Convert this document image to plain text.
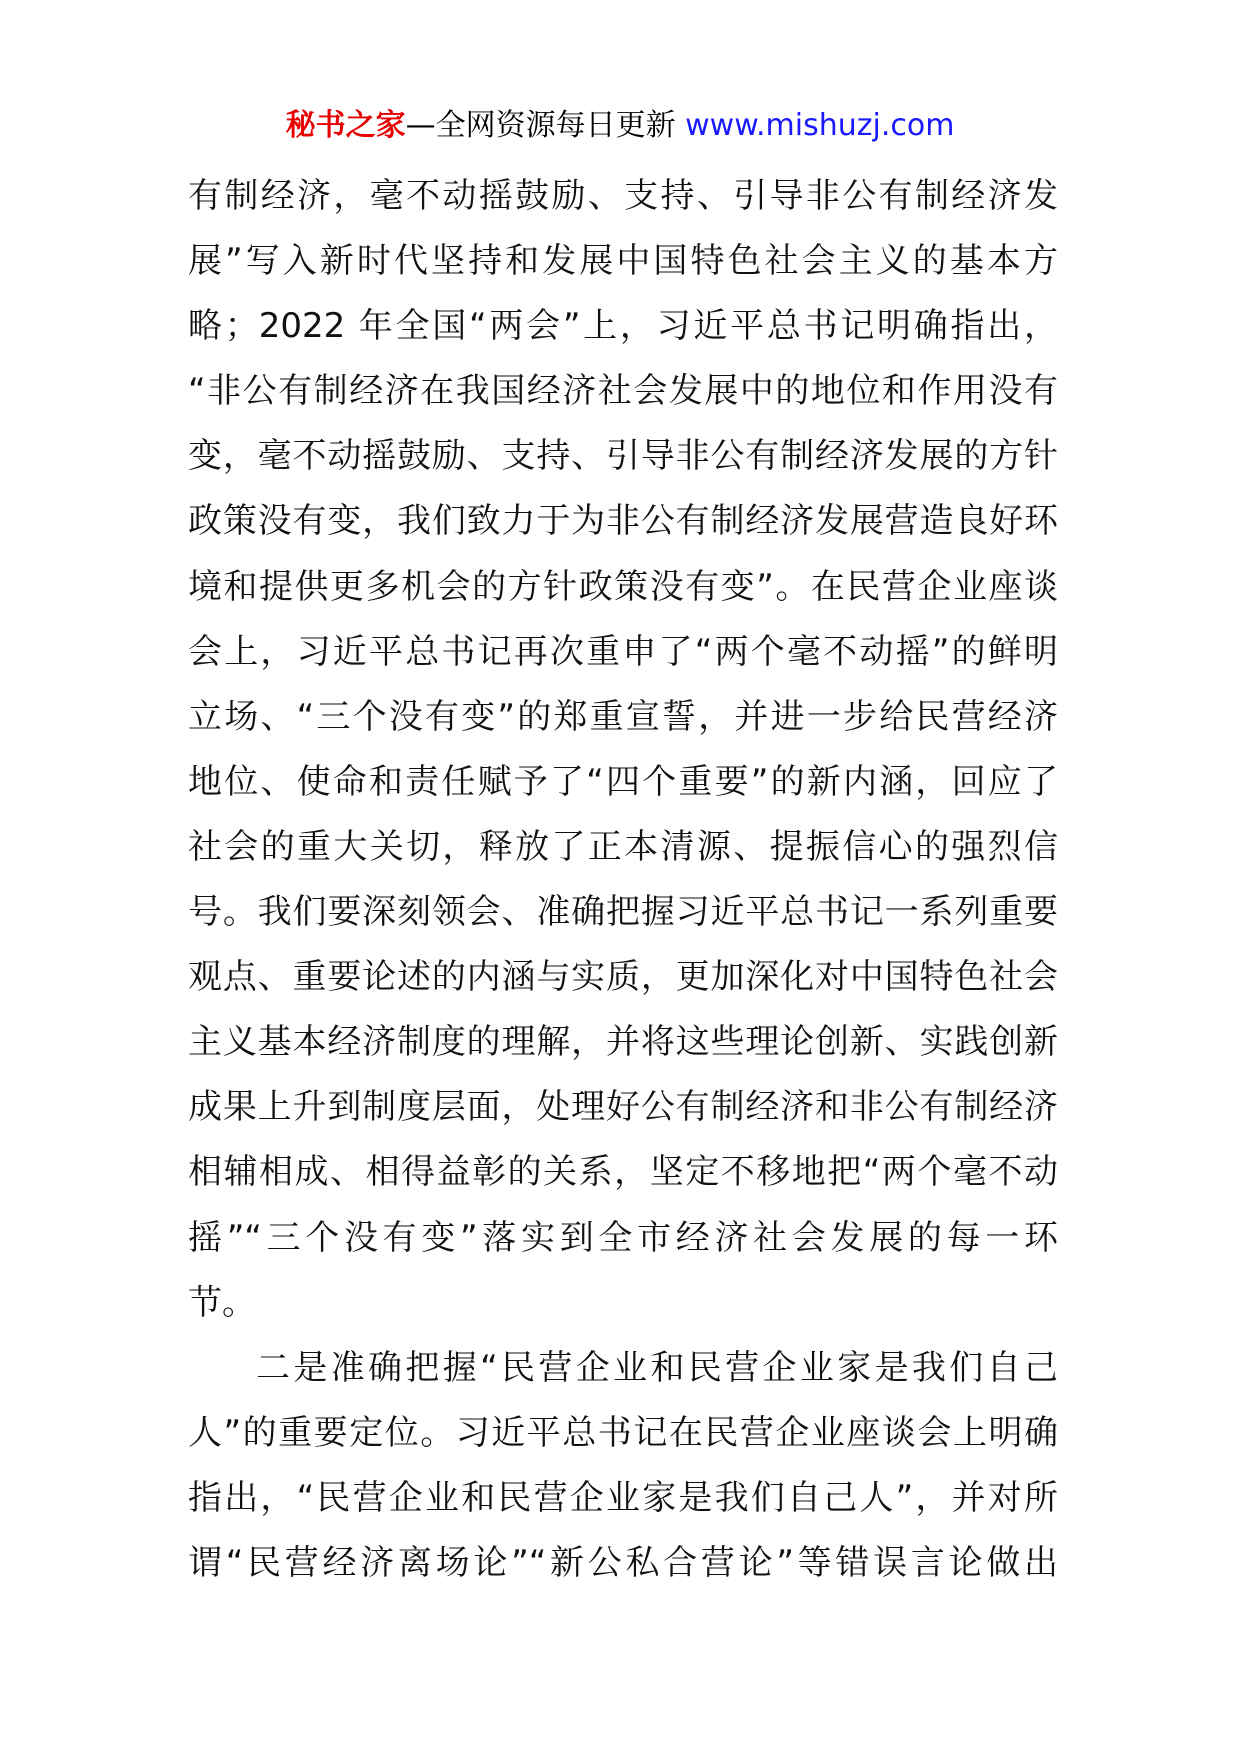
秘书之家—全网资源每日更新 www.mishuzj.com
有制经济，毫不动摇鼓励、支持、引导非公有制经济发
展”写入新时代坚持和发展中国特色社会主义的基本方
略；2022 年全国“两会”上，习近平总书记明确指出，
“非公有制经济在我国经济社会发展中的地位和作用没有
变，毫不动摇鼓励、支持、引导非公有制经济发展的方针
政策没有变，我们致力于为非公有制经济发展营造良好环
境和提供更多机会的方针政策没有变”。在民营企业座谈
会上，习近平总书记再次重申了“两个毫不动摇”的鲜明
立场、“三个没有变”的郑重宣誓，并进一步给民营经济
地位、使命和责任赋予了“四个重要”的新内涵，回应了
社会的重大关切，释放了正本清源、提振信心的强烈信
号。我们要深刻领会、准确把握习近平总书记一系列重要
观点、重要论述的内涵与实质，更加深化对中国特色社会
主义基本经济制度的理解，并将这些理论创新、实践创新
成果上升到制度层面，处理好公有制经济和非公有制经济
相辅相成、相得益彰的关系，坚定不移地把“两个毫不动
摇”“三个没有变”落实到全市经济社会发展的每一环
节。
二是准确把握“民营企业和民营企业家是我们自己
人”的重要定位。习近平总书记在民营企业座谈会上明确
指出，“民营企业和民营企业家是我们自己人”，并对所
谓“民营经济离场论”“新公私合营论”等错误言论做出
